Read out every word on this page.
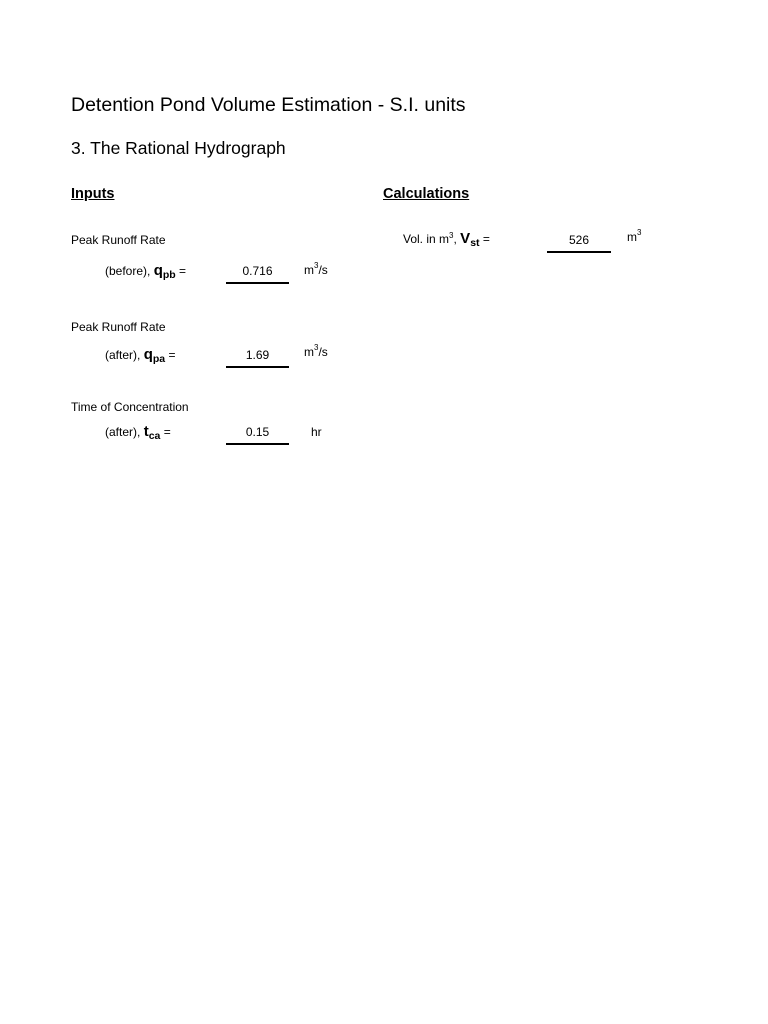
Detention Pond Volume Estimation - S.I. units
3. The Rational Hydrograph
Inputs
Peak Runoff Rate
(before), $q_{pb}$ =	0.716	$m^3/s$
Peak Runoff Rate
(after), $q_{pa}$ =	1.69	$m^3/s$
Time of Concentration
(after), $t_{ca}$ =	0.15	hr
Calculations
Vol. in $m^3$, $V_{st}$ =	526	$m^3$
